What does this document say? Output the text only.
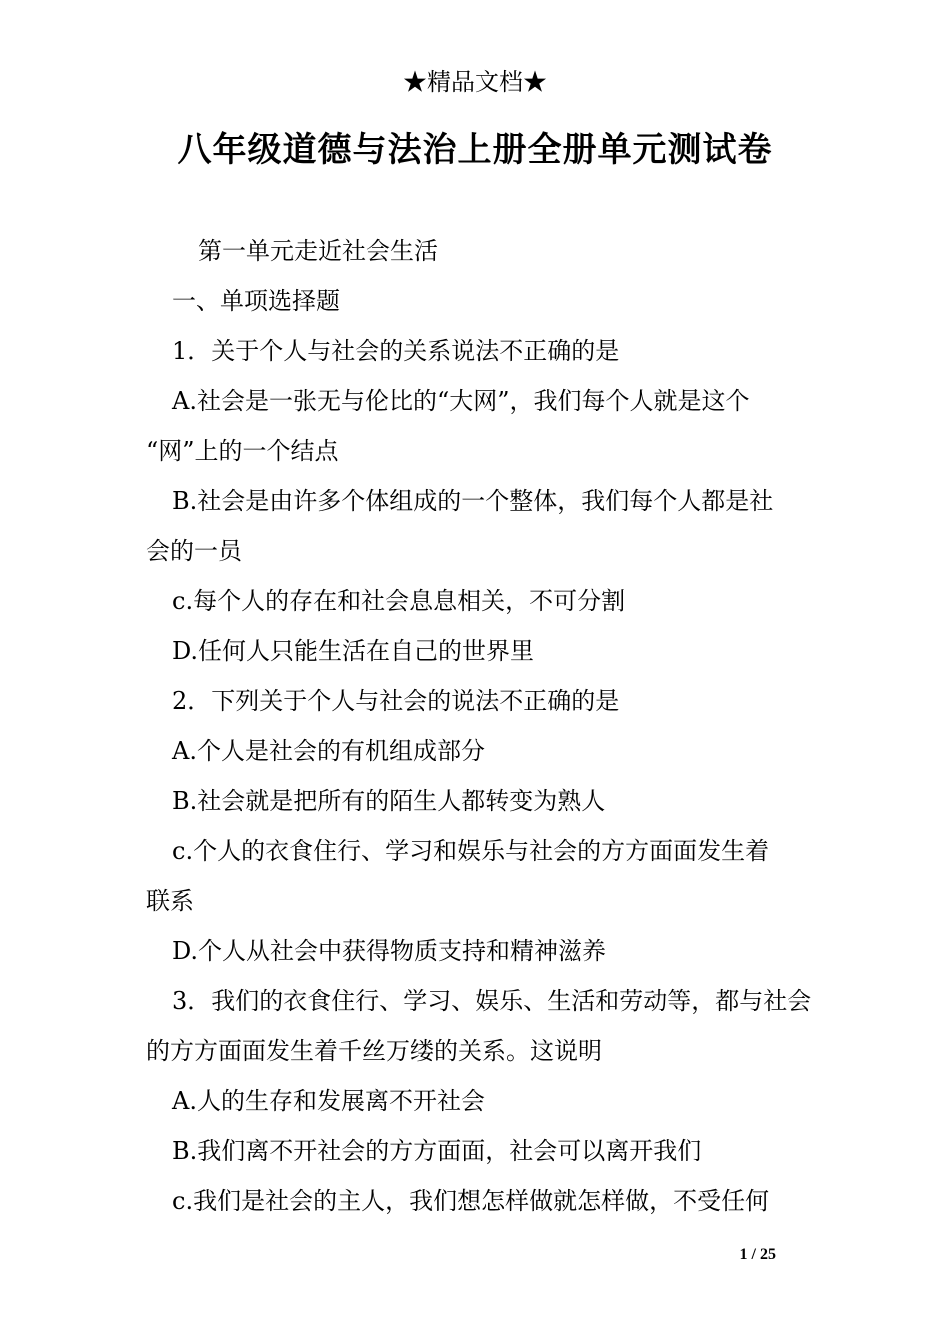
★精品文档★
八年级道德与法治上册全册单元测试卷
第一单元走近社会生活
一、单项选择题
1．关于个人与社会的关系说法不正确的是
A.社会是一张无与伦比的“大网”，我们每个人就是这个
“网”上的一个结点
B.社会是由许多个体组成的一个整体，我们每个人都是社
会的一员
c.每个人的存在和社会息息相关，不可分割
D.任何人只能生活在自己的世界里
2．下列关于个人与社会的说法不正确的是
A.个人是社会的有机组成部分
B.社会就是把所有的陌生人都转变为熟人
c.个人的衣食住行、学习和娱乐与社会的方方面面发生着
联系
D.个人从社会中获得物质支持和精神滋养
3．我们的衣食住行、学习、娱乐、生活和劳动等，都与社会
的方方面面发生着千丝万缕的关系。这说明
A.人的生存和发展离不开社会
B.我们离不开社会的方方面面，社会可以离开我们
c.我们是社会的主人，我们想怎样做就怎样做，不受任何
1 / 25
